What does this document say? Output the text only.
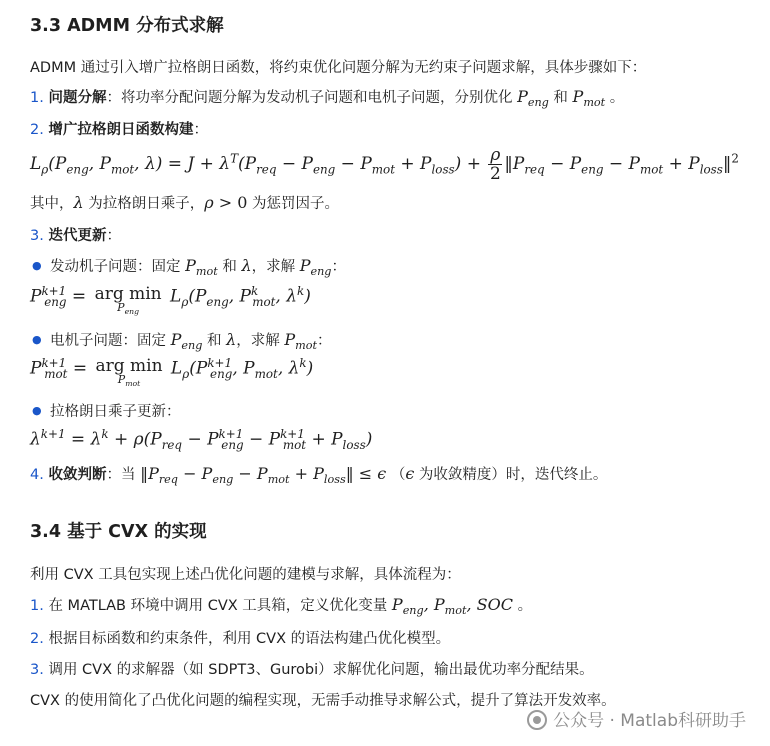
3.3 ADMM 分布式求解
ADMM 通过引入增广拉格朗日函数，将约束优化问题分解为无约束子问题求解，具体步骤如下：
1. 问题分解：将功率分配问题分解为发动机子问题和电机子问题，分别优化 $P_{eng}$ 和 $P_{mot}$ 。
2. 增广拉格朗日函数构建：
$L_\rho(P_{eng}$, $P_{mot}$, $\lambda) = J + \lambda^T(P_{req} - P_{eng} - P_{mot} + P_{loss}) + \frac{\rho}{2}$ $‖P_{req} - P_{eng} - P_{mot}$ + $P_{loss}‖^2$
其中，λ 为拉格朗日乘子，ρ > 0 为惩罚因子。
3. 迭代更新：
● 发动机子问题：固定 $P_{mot}$ 和 λ，求解 $P_{eng}$：
$P^{k+1}_{eng}$ = arg min
$P_{eng}$
$L_\rho(P_{eng}$, $P^k_{mot}$, $\lambda^k$)
● 电机子问题：固定 $P_{eng}$ 和 λ，求解 $P_{mot}$：
$P^{k+1}_{mot}$ = arg min
$P_{mot}$
$L_\rho(P^{k+1}_{eng}$, $P_{mot}$, $\lambda^k$)
● 拉格朗日乘子更新：
$\lambda^{k+1} = \lambda^k + \rho(P_{req} - P^{k+1}_{eng} - P^{k+1}_{mot} + P_{loss})$
4. 收敛判断：当 $‖P_{req} - P_{eng} - P_{mot}$ + $P_{loss}‖ \le \epsilon$ （ϵ 为收敛精度）时，迭代终止。
3.4 基于 CVX 的实现
利用 CVX 工具包实现上述凸优化问题的建模与求解，具体流程为：
1. 在 MATLAB 环境中调用 CVX 工具箱，定义优化变量 $P_{eng}$, $P_{mot}$, SOC 。
2. 根据目标函数和约束条件，利用 CVX 的语法构建凸优化模型。
3. 调用 CVX 的求解器（如 SDPT3、Gurobi）求解优化问题，输出最优功率分配结果。
CVX 的使用简化了凸优化问题的编程实现，无需手动推导求解公式，提升了算法开发效率。
公众号 · Matlab科研助手
